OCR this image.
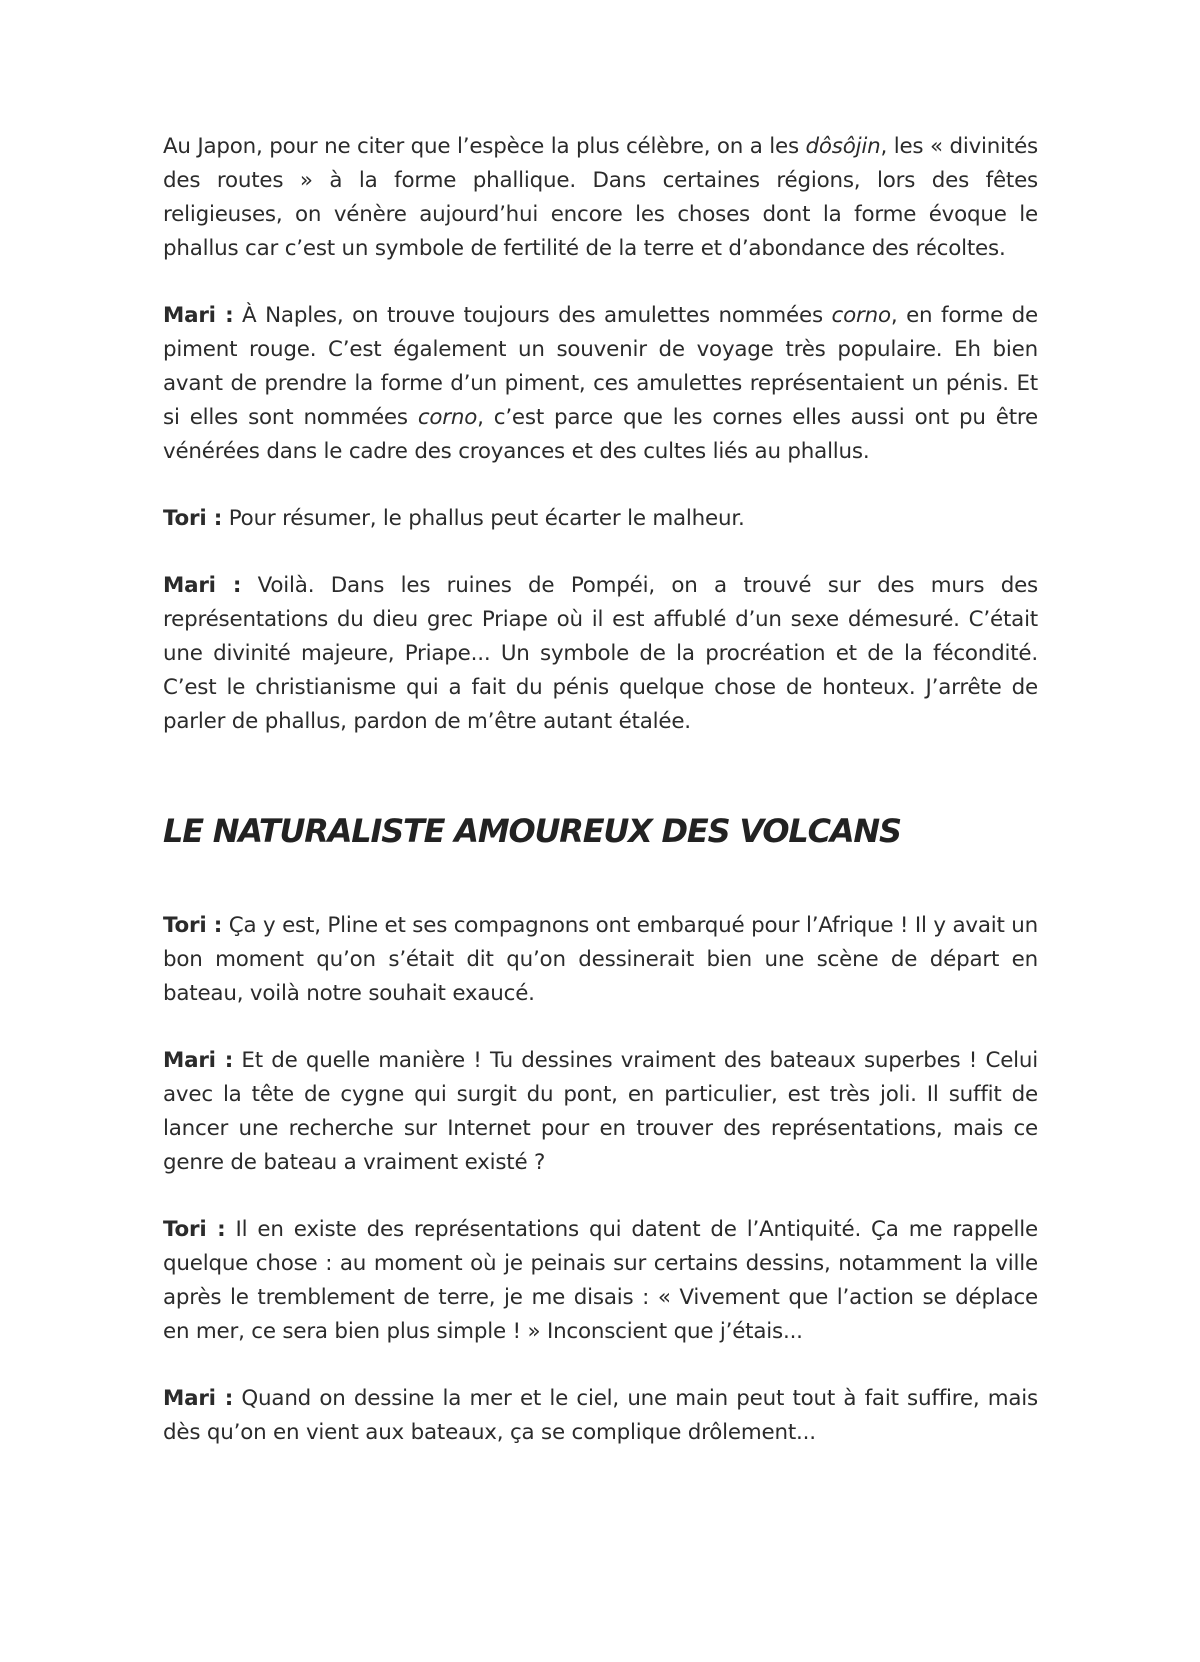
Au Japon, pour ne citer que l’espèce la plus célèbre, on a les dôsôjin, les « divinités des routes » à la forme phallique. Dans certaines régions, lors des fêtes religieuses, on vénère aujourd’hui encore les choses dont la forme évoque le phallus car c’est un symbole de fertilité de la terre et d’abondance des récoltes.

Mari : À Naples, on trouve toujours des amulettes nommées corno, en forme de piment rouge. C’est également un souvenir de voyage très populaire. Eh bien avant de prendre la forme d’un piment, ces amulettes représentaient un pénis. Et si elles sont nommées corno, c’est parce que les cornes elles aussi ont pu être vénérées dans le cadre des croyances et des cultes liés au phallus.

Tori : Pour résumer, le phallus peut écarter le malheur.

Mari : Voilà. Dans les ruines de Pompéi, on a trouvé sur des murs des représentations du dieu grec Priape où il est affublé d’un sexe démesuré. C’était une divinité majeure, Priape... Un symbole de la procréation et de la fécondité. C’est le christianisme qui a fait du pénis quelque chose de honteux. J’arrête de parler de phallus, pardon de m’être autant étalée.

LE NATURALISTE AMOUREUX DES VOLCANS

Tori : Ça y est, Pline et ses compagnons ont embarqué pour l’Afrique ! Il y avait un bon moment qu’on s’était dit qu’on dessinerait bien une scène de départ en bateau, voilà notre souhait exaucé.

Mari : Et de quelle manière ! Tu dessines vraiment des bateaux superbes ! Celui avec la tête de cygne qui surgit du pont, en particulier, est très joli. Il suffit de lancer une recherche sur Internet pour en trouver des représentations, mais ce genre de bateau a vraiment existé ?

Tori : Il en existe des représentations qui datent de l’Antiquité. Ça me rappelle quelque chose : au moment où je peinais sur certains dessins, notamment la ville après le tremblement de terre, je me disais : « Vivement que l’action se déplace en mer, ce sera bien plus simple ! » Inconscient que j’étais...

Mari : Quand on dessine la mer et le ciel, une main peut tout à fait suffire, mais dès qu’on en vient aux bateaux, ça se complique drôlement...
